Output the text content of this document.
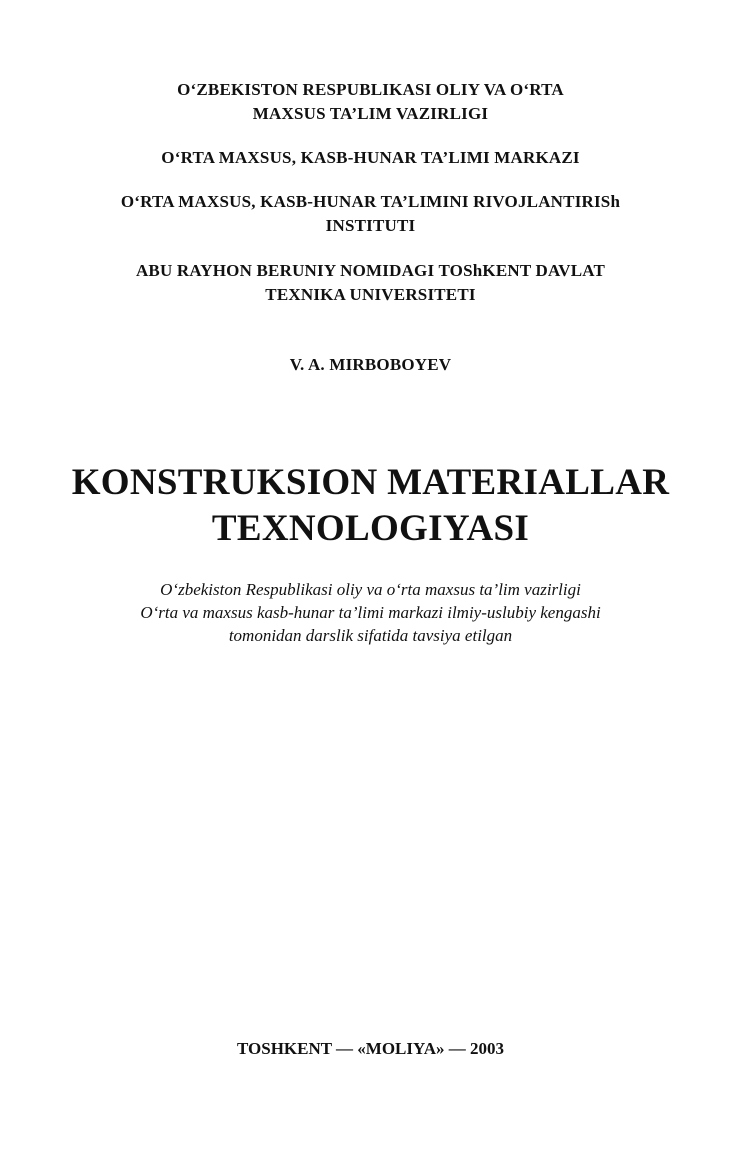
O‘ZBEKISTON RESPUBLIKASI OLIY VA O‘RTA
MAXSUS TA’LIM VAZIRLIGI
O‘RTA MAXSUS, KASB-HUNAR TA’LIMI MARKAZI
O‘RTA MAXSUS, KASB-HUNAR TA’LIMINI RIVOJLANTIRISh
INSTITUTI
ABU RAYHON BERUNIY NOMIDAGI TOShKENT DAVLAT
TEXNIKA UNIVERSITETI
V. A. MIRBOBOYEV
KONSTRUKSION MATERIALLAR
TEXNOLOGIYASI
O‘zbekiston Respublikasi oliy va o‘rta maxsus ta’lim vazirligi
O‘rta va maxsus kasb-hunar ta’limi markazi ilmiy-uslubiy kengashi
tomonidan darslik sifatida tavsiya etilgan
TOSHKENT — «MOLIYA» — 2003
